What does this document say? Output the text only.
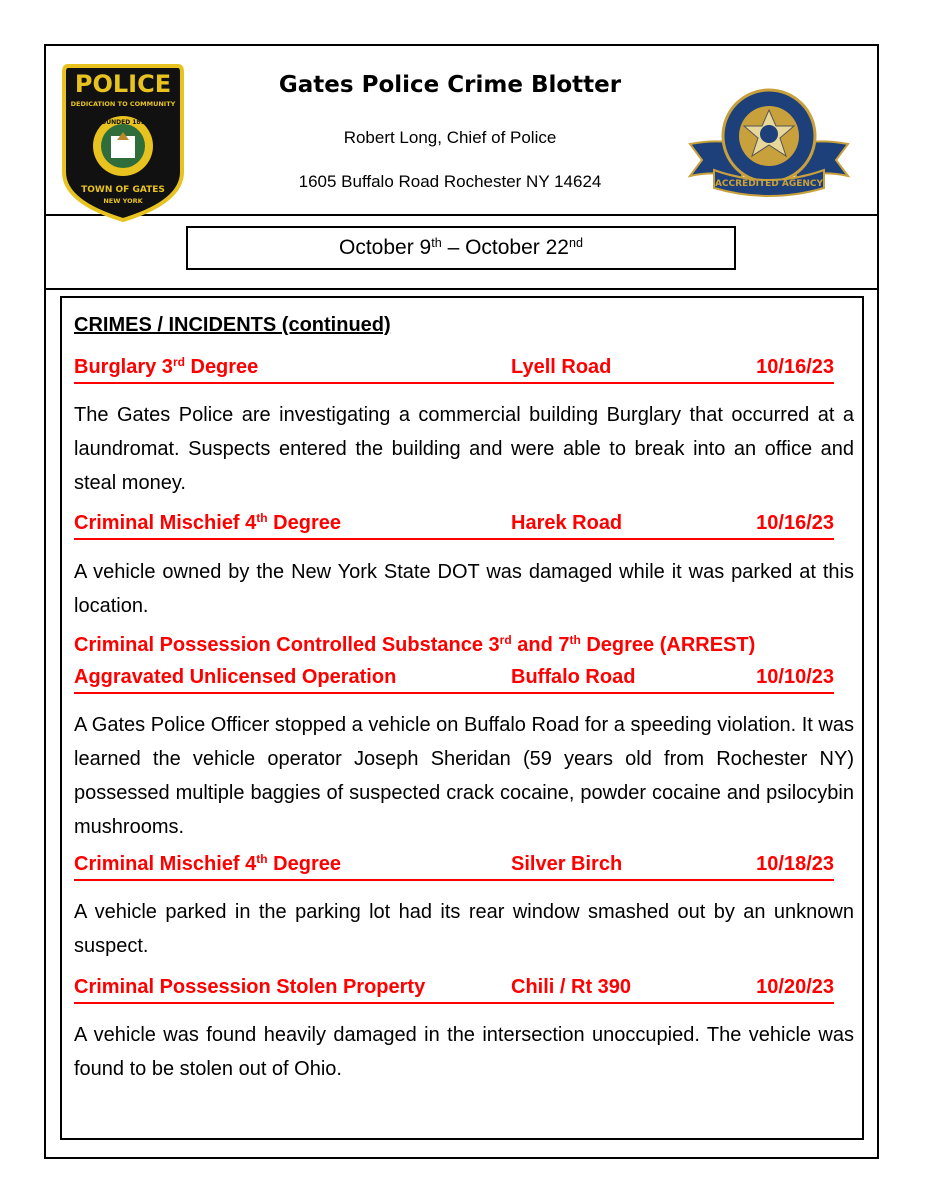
POLICE
DEDICATION TO COMMUNITY
FOUNDED 1813
TOWN OF GATES
NEW YORK
MONROE COUNTY CORNERSTONE
ACCREDITED AGENCY
NEW YORK STATE LAW ENFORCEMENT ACCREDITATION PROGRAM
Gates Police Crime Blotter
Robert Long, Chief of Police
1605 Buffalo Road Rochester NY 14624
October 9th – October 22nd
CRIMES / INCIDENTS (continued)
Burglary 3rd Degree	Lyell Road	10/16/23
The Gates Police are investigating a commercial building Burglary that occurred at a laundromat. Suspects entered the building and were able to break into an office and steal money.
Criminal Mischief 4th Degree	Harek Road	10/16/23
A vehicle owned by the New York State DOT was damaged while it was parked at this location.
Criminal Possession Controlled Substance 3rd and 7th Degree (ARREST)
Aggravated Unlicensed Operation	Buffalo Road	10/10/23
A Gates Police Officer stopped a vehicle on Buffalo Road for a speeding violation. It was learned the vehicle operator Joseph Sheridan (59 years old from Rochester NY) possessed multiple baggies of suspected crack cocaine, powder cocaine and psilocybin mushrooms.
Criminal Mischief 4th Degree	Silver Birch	10/18/23
A vehicle parked in the parking lot had its rear window smashed out by an unknown suspect.
Criminal Possession Stolen Property	Chili / Rt 390	10/20/23
A vehicle was found heavily damaged in the intersection unoccupied. The vehicle was found to be stolen out of Ohio.
